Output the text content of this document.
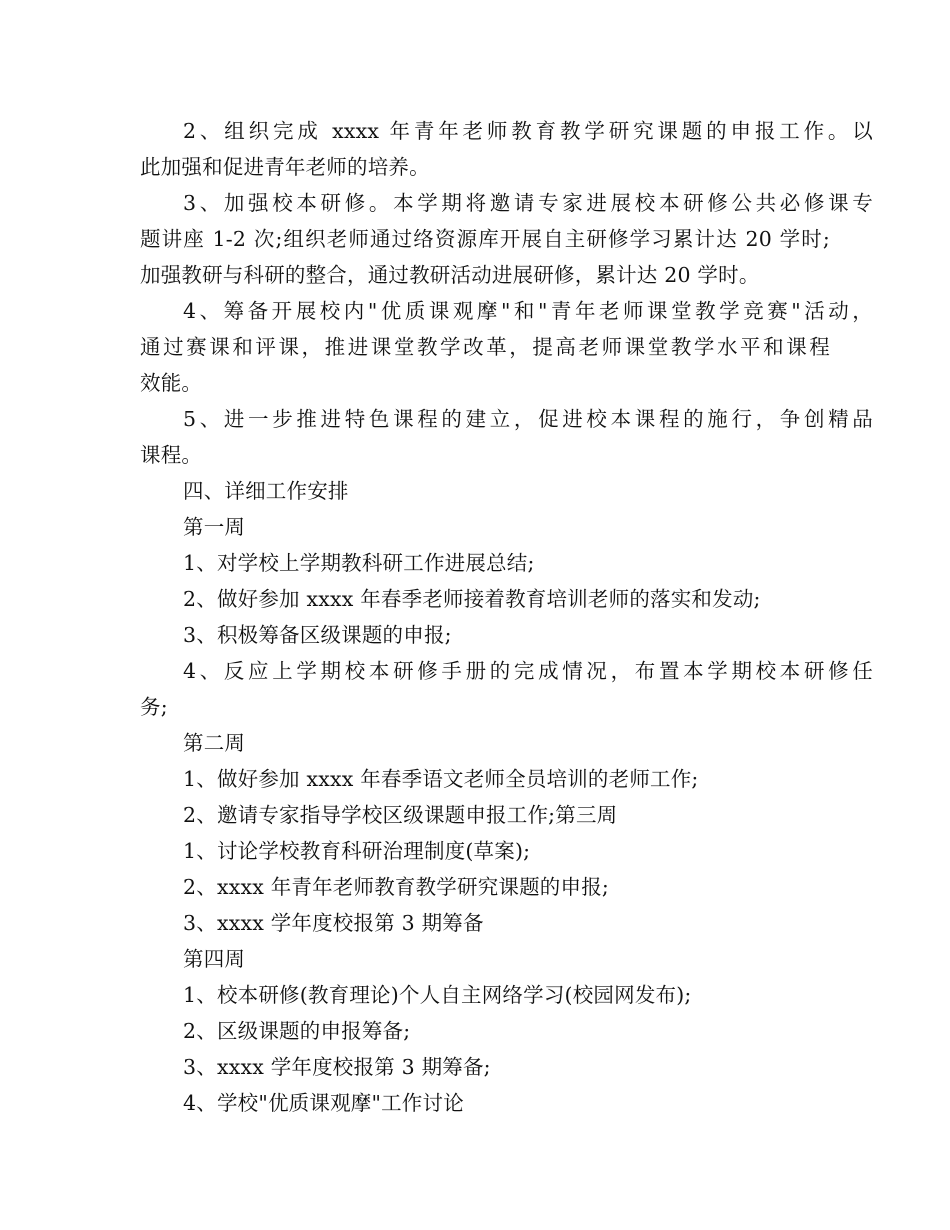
2、组织完成 xxxx 年青年老师教育教学研究课题的申报工作。以
此加强和促进青年老师的培养。
3、加强校本研修。本学期将邀请专家进展校本研修公共必修课专
题讲座 1-2 次;组织老师通过络资源库开展自主研修学习累计达 20 学时;
加强教研与科研的整合，通过教研活动进展研修，累计达 20 学时。
4、筹备开展校内"优质课观摩"和"青年老师课堂教学竞赛"活动，
通过赛课和评课，推进课堂教学改革，提高老师课堂教学水平和课程
效能。
5、进一步推进特色课程的建立，促进校本课程的施行，争创精品
课程。
四、详细工作安排
第一周
1、对学校上学期教科研工作进展总结;
2、做好参加 xxxx 年春季老师接着教育培训老师的落实和发动;
3、积极筹备区级课题的申报;
4、反应上学期校本研修手册的完成情况，布置本学期校本研修任
务;
第二周
1、做好参加 xxxx 年春季语文老师全员培训的老师工作;
2、邀请专家指导学校区级课题申报工作;第三周
1、讨论学校教育科研治理制度(草案);
2、xxxx 年青年老师教育教学研究课题的申报;
3、xxxx 学年度校报第 3 期筹备
第四周
1、校本研修(教育理论)个人自主网络学习(校园网发布);
2、区级课题的申报筹备;
3、xxxx 学年度校报第 3 期筹备;
4、学校"优质课观摩"工作讨论
